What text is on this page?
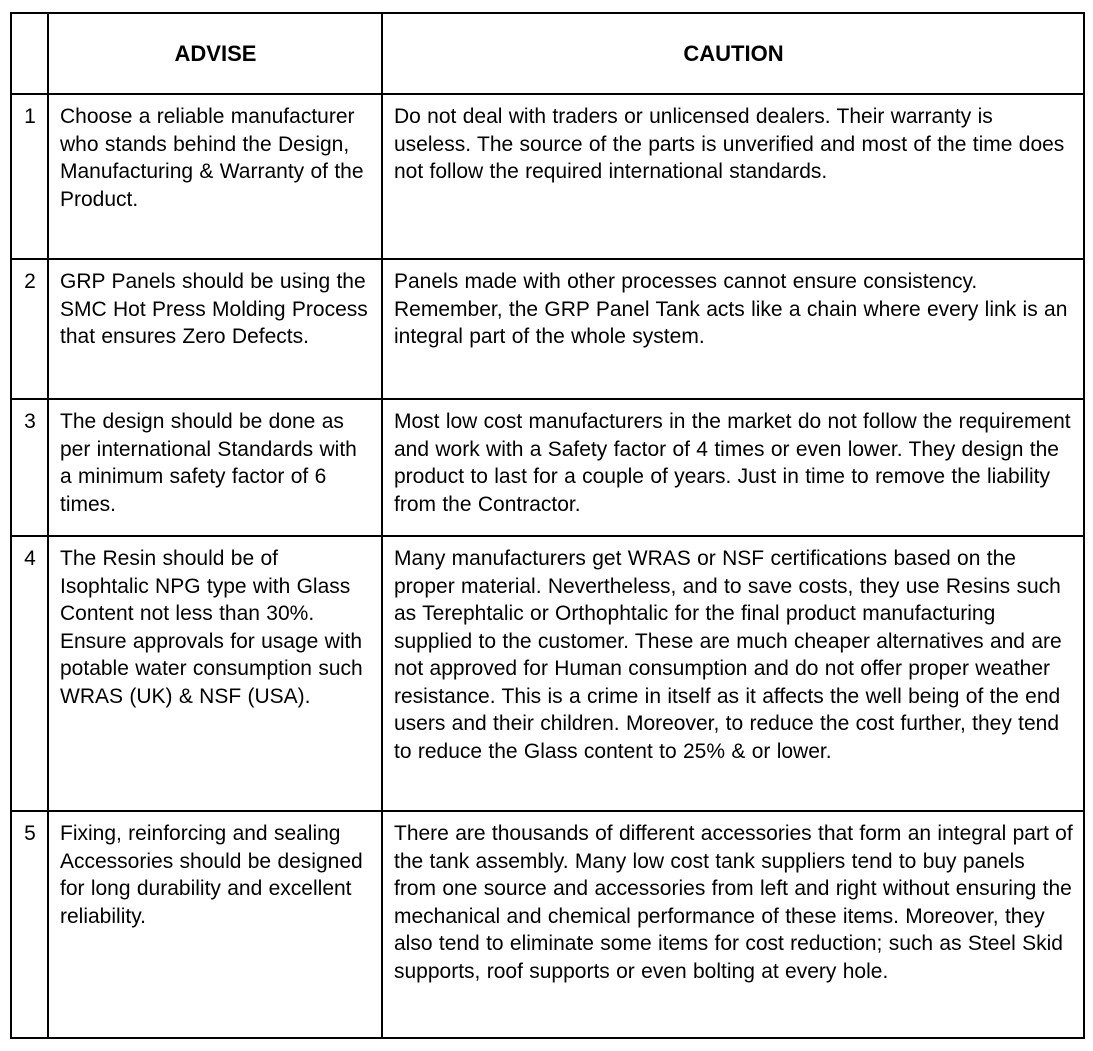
	ADVISE	CAUTION
1	Choose a reliable manufacturer who stands behind the Design, Manufacturing & Warranty of the Product.	Do not deal with traders or unlicensed dealers. Their warranty is useless. The source of the parts is unverified and most of the time does not follow the required international standards.
2	GRP Panels should be using the SMC Hot Press Molding Process that ensures Zero Defects.	Panels made with other processes cannot ensure consistency. Remember, the GRP Panel Tank acts like a chain where every link is an integral part of the whole system.
3	The design should be done as per international Standards with a minimum safety factor of 6 times.	Most low cost manufacturers in the market do not follow the requirement and work with a Safety factor of 4 times or even lower. They design the product to last for a couple of years. Just in time to remove the liability from the Contractor.
4	The Resin should be of Isophtalic NPG type with Glass Content not less than 30%. Ensure approvals for usage with potable water consumption such WRAS (UK) & NSF (USA).	Many manufacturers get WRAS or NSF certifications based on the proper material. Nevertheless, and to save costs, they use Resins such as Terephtalic or Orthophtalic for the final product manufacturing supplied to the customer. These are much cheaper alternatives and are not approved for Human consumption and do not offer proper weather resistance. This is a crime in itself as it affects the well being of the end users and their children. Moreover, to reduce the cost further, they tend to reduce the Glass content to 25% & or lower.
5	Fixing, reinforcing and sealing Accessories should be designed for long durability and excellent reliability.	There are thousands of different accessories that form an integral part of the tank assembly. Many low cost tank suppliers tend to buy panels from one source and accessories from left and right without ensuring the mechanical and chemical performance of these items. Moreover, they also tend to eliminate some items for cost reduction; such as Steel Skid supports, roof supports or even bolting at every hole.
